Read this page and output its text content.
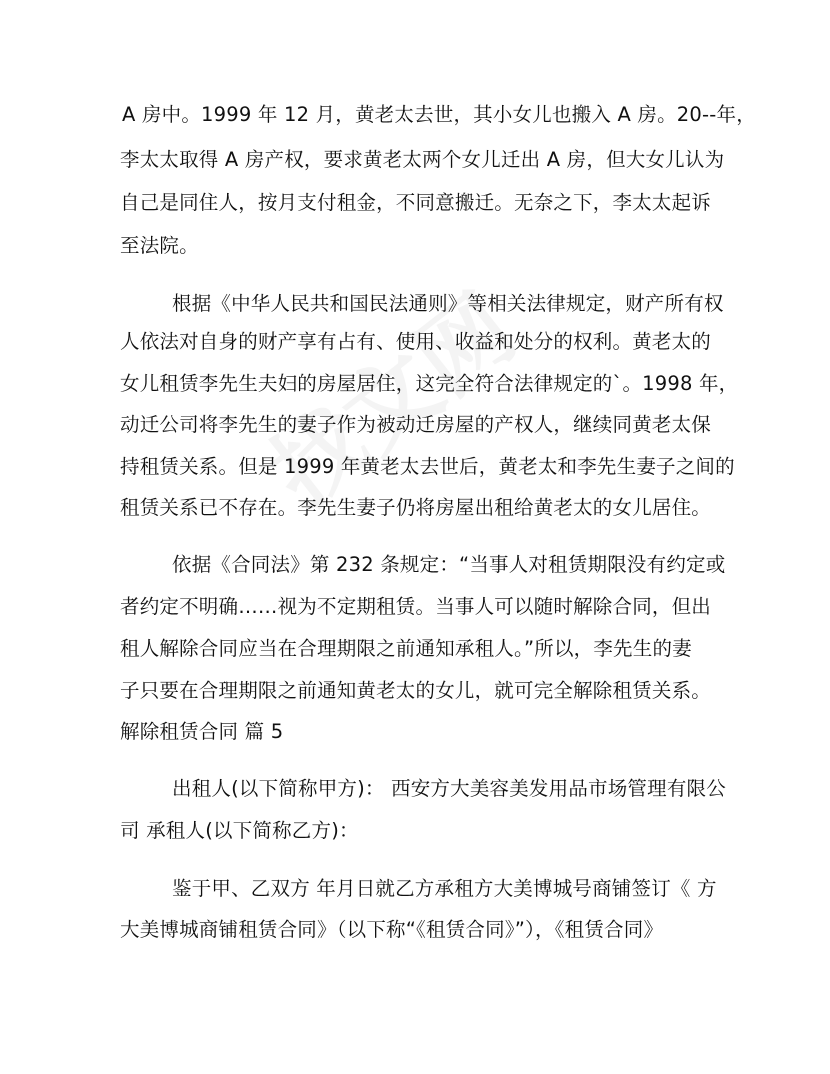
A 房中。1999 年 12 月，黄老太去世，其小女儿也搬入 A 房。20--年，
李太太取得 A 房产权，要求黄老太两个女儿迁出 A 房，但大女儿认为
自己是同住人，按月支付租金，不同意搬迁。无奈之下，李太太起诉
至法院。
根据《中华人民共和国民法通则》等相关法律规定，财产所有权
人依法对自身的财产享有占有、使用、收益和处分的权利。黄老太的
女儿租赁李先生夫妇的房屋居住，这完全符合法律规定的`。1998 年，
动迁公司将李先生的妻子作为被动迁房屋的产权人，继续同黄老太保
持租赁关系。但是 1999 年黄老太去世后，黄老太和李先生妻子之间的
租赁关系已不存在。李先生妻子仍将房屋出租给黄老太的女儿居住。
依据《合同法》第 232 条规定：“当事人对租赁期限没有约定或
者约定不明确……视为不定期租赁。当事人可以随时解除合同，但出
租人解除合同应当在合理期限之前通知承租人。”所以，李先生的妻
子只要在合理期限之前通知黄老太的女儿，就可完全解除租赁关系。
解除租赁合同 篇 5
出租人(以下简称甲方)： 西安方大美容美发用品市场管理有限公
司 承租人(以下简称乙方)：
鉴于甲、乙双方 年月日就乙方承租方大美博城号商铺签订《 方
大美博城商铺租赁合同》（以下称“《租赁合同》”），《租赁合同》
